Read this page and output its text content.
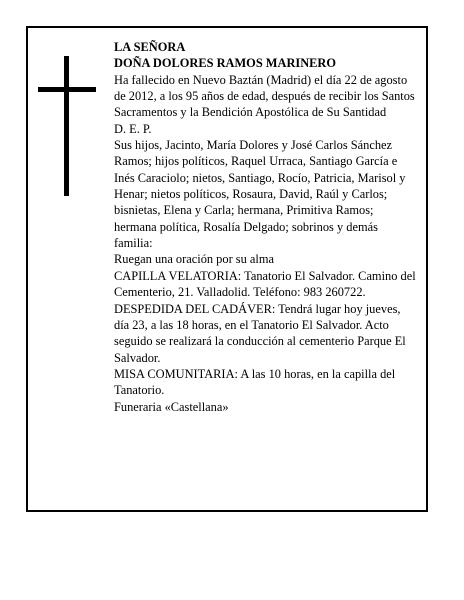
LA SEÑORA

DOÑA DOLORES RAMOS MARINERO

Ha fallecido en Nuevo Baztán (Madrid) el día 22 de agosto de 2012, a los 95 años de edad, después de recibir los Santos Sacramentos y la Bendición Apostólica de Su Santidad

D. E. P.

Sus hijos, Jacinto, María Dolores y José Carlos Sánchez Ramos; hijos políticos, Raquel Urraca, Santiago García e Inés Caraciolo; nietos, Santiago, Rocío, Patricia, Marisol y Henar; nietos políticos, Rosaura, David, Raúl y Carlos; bisnietas, Elena y Carla; hermana, Primitiva Ramos; hermana política, Rosalía Delgado; sobrinos y demás familia:

Ruegan una oración por su alma

CAPILLA VELATORIA: Tanatorio El Salvador. Camino del Cementerio, 21. Valladolid. Teléfono: 983 260722.

DESPEDIDA DEL CADÁVER: Tendrá lugar hoy jueves, día 23, a las 18 horas, en el Tanatorio El Salvador. Acto seguido se realizará la conducción al cementerio Parque El Salvador.

MISA COMUNITARIA: A las 10 horas, en la capilla del Tanatorio.

Funeraria «Castellana»
